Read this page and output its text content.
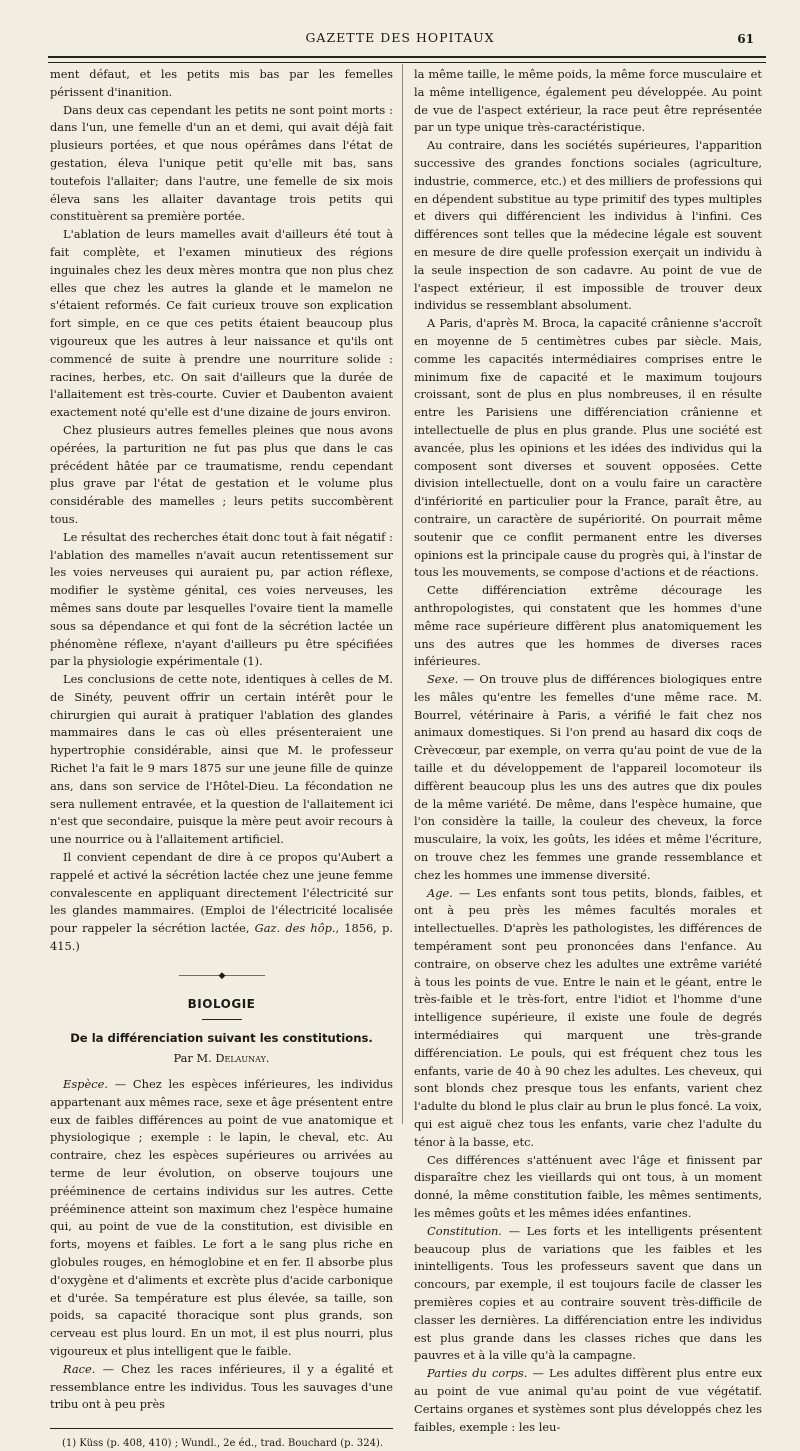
GAZETTE DES HOPITAUX	61

ment défaut, et les petits mis bas par les femelles périssent d'inanition.

Dans deux cas cependant les petits ne sont point morts : dans l'un, une femelle d'un an et demi, qui avait déjà fait plusieurs portées, et que nous opérâmes dans l'état de gestation, éleva l'unique petit qu'elle mit bas, sans toutefois l'allaiter; dans l'autre, une femelle de six mois éleva sans les allaiter davantage trois petits qui constituèrent sa première portée.

L'ablation de leurs mamelles avait d'ailleurs été tout à fait complète, et l'examen minutieux des régions inguinales chez les deux mères montra que non plus chez elles que chez les autres la glande et le mamelon ne s'étaient reformés. Ce fait curieux trouve son explication fort simple, en ce que ces petits étaient beaucoup plus vigoureux que les autres à leur naissance et qu'ils ont commencé de suite à prendre une nourriture solide : racines, herbes, etc. On sait d'ailleurs que la durée de l'allaitement est très-courte. Cuvier et Daubenton avaient exactement noté qu'elle est d'une dizaine de jours environ.

Chez plusieurs autres femelles pleines que nous avons opérées, la parturition ne fut pas plus que dans le cas précédent hâtée par ce traumatisme, rendu cependant plus grave par l'état de gestation et le volume plus considérable des mamelles ; leurs petits succombèrent tous.

Le résultat des recherches était donc tout à fait négatif : l'ablation des mamelles n'avait aucun retentissement sur les voies nerveuses qui auraient pu, par action réflexe, modifier le système génital, ces voies nerveuses, les mêmes sans doute par lesquelles l'ovaire tient la mamelle sous sa dépendance et qui font de la sécrétion lactée un phénomène réflexe, n'ayant d'ailleurs pu être spécifiées par la physiologie expérimentale (1).

Les conclusions de cette note, identiques à celles de M. de Sinéty, peuvent offrir un certain intérêt pour le chirurgien qui aurait à pratiquer l'ablation des glandes mammaires dans le cas où elles présenteraient une hypertrophie considérable, ainsi que M. le professeur Richet l'a fait le 9 mars 1875 sur une jeune fille de quinze ans, dans son service de l'Hôtel-Dieu. La fécondation ne sera nullement entravée, et la question de l'allaitement ici n'est que secondaire, puisque la mère peut avoir recours à une nourrice ou à l'allaitement artificiel.

Il convient cependant de dire à ce propos qu'Aubert a rappelé et activé la sécrétion lactée chez une jeune femme convalescente en appliquant directement l'électricité sur les glandes mammaires. (Emploi de l'électricité localisée pour rappeler la sécrétion lactée, Gaz. des hôp., 1856, p. 415.)

—————◆—————
BIOLOGIE
De la différenciation suivant les constitutions.
Par M. Delaunay.

Espèce. — Chez les espèces inférieures, les individus appartenant aux mêmes race, sexe et âge présentent entre eux de faibles différences au point de vue anatomique et physiologique ; exemple : le lapin, le cheval, etc. Au contraire, chez les espèces supérieures ou arrivées au terme de leur évolution, on observe toujours une prééminence de certains individus sur les autres. Cette prééminence atteint son maximum chez l'espèce humaine qui, au point de vue de la constitution, est divisible en forts, moyens et faibles. Le fort a le sang plus riche en globules rouges, en hémoglobine et en fer. Il absorbe plus d'oxygène et d'aliments et excrète plus d'acide carbonique et d'urée. Sa température est plus élevée, sa taille, son poids, sa capacité thoracique sont plus grands, son cerveau est plus lourd. En un mot, il est plus nourri, plus vigoureux et plus intelligent que le faible.

Race. — Chez les races inférieures, il y a égalité et ressemblance entre les individus. Tous les sauvages d'une tribu ont à peu près

(1) Küss (p. 408, 410) ; Wundl., 2e éd., trad. Bouchard (p. 324).

la même taille, le même poids, la même force musculaire et la même intelligence, également peu développée. Au point de vue de l'aspect extérieur, la race peut être représentée par un type unique très-caractéristique.

Au contraire, dans les sociétés supérieures, l'apparition successive des grandes fonctions sociales (agriculture, industrie, commerce, etc.) et des milliers de professions qui en dépendent substitue au type primitif des types multiples et divers qui différencient les individus à l'infini. Ces différences sont telles que la médecine légale est souvent en mesure de dire quelle profession exerçait un individu à la seule inspection de son cadavre. Au point de vue de l'aspect extérieur, il est impossible de trouver deux individus se ressemblant absolument.

A Paris, d'après M. Broca, la capacité crânienne s'accroît en moyenne de 5 centimètres cubes par siècle. Mais, comme les capacités intermédiaires comprises entre le minimum fixe de capacité et le maximum toujours croissant, sont de plus en plus nombreuses, il en résulte entre les Parisiens une différenciation crânienne et intellectuelle de plus en plus grande. Plus une société est avancée, plus les opinions et les idées des individus qui la composent sont diverses et souvent opposées. Cette division intellectuelle, dont on a voulu faire un caractère d'infériorité en particulier pour la France, paraît être, au contraire, un caractère de supériorité. On pourrait même soutenir que ce conflit permanent entre les diverses opinions est la principale cause du progrès qui, à l'instar de tous les mouvements, se compose d'actions et de réactions.

Cette différenciation extrême décourage les anthropologistes, qui constatent que les hommes d'une même race supérieure diffèrent plus anatomiquement les uns des autres que les hommes de diverses races inférieures.

Sexe. — On trouve plus de différences biologiques entre les mâles qu'entre les femelles d'une même race. M. Bourrel, vétérinaire à Paris, a vérifié le fait chez nos animaux domestiques. Si l'on prend au hasard dix coqs de Crèvecœur, par exemple, on verra qu'au point de vue de la taille et du développement de l'appareil locomoteur ils diffèrent beaucoup plus les uns des autres que dix poules de la même variété. De même, dans l'espèce humaine, que l'on considère la taille, la couleur des cheveux, la force musculaire, la voix, les goûts, les idées et même l'écriture, on trouve chez les femmes une grande ressemblance et chez les hommes une immense diversité.

Age. — Les enfants sont tous petits, blonds, faibles, et ont à peu près les mêmes facultés morales et intellectuelles. D'après les pathologistes, les différences de tempérament sont peu prononcées dans l'enfance. Au contraire, on observe chez les adultes une extrême variété à tous les points de vue. Entre le nain et le géant, entre le très-faible et le très-fort, entre l'idiot et l'homme d'une intelligence supérieure, il existe une foule de degrés intermédiaires qui marquent une très-grande différenciation. Le pouls, qui est fréquent chez tous les enfants, varie de 40 à 90 chez les adultes. Les cheveux, qui sont blonds chez presque tous les enfants, varient chez l'adulte du blond le plus clair au brun le plus foncé. La voix, qui est aiguë chez tous les enfants, varie chez l'adulte du ténor à la basse, etc.

Ces différences s'atténuent avec l'âge et finissent par disparaître chez les vieillards qui ont tous, à un moment donné, la même constitution faible, les mêmes sentiments, les mêmes goûts et les mêmes idées enfantines.

Constitution. — Les forts et les intelligents présentent beaucoup plus de variations que les faibles et les inintelligents. Tous les professeurs savent que dans un concours, par exemple, il est toujours facile de classer les premières copies et au contraire souvent très-difficile de classer les dernières. La différenciation entre les individus est plus grande dans les classes riches que dans les pauvres et à la ville qu'à la campagne.

Parties du corps. — Les adultes diffèrent plus entre eux au point de vue animal qu'au point de vue végétatif. Certains organes et systèmes sont plus développés chez les faibles, exemple : les leu-
